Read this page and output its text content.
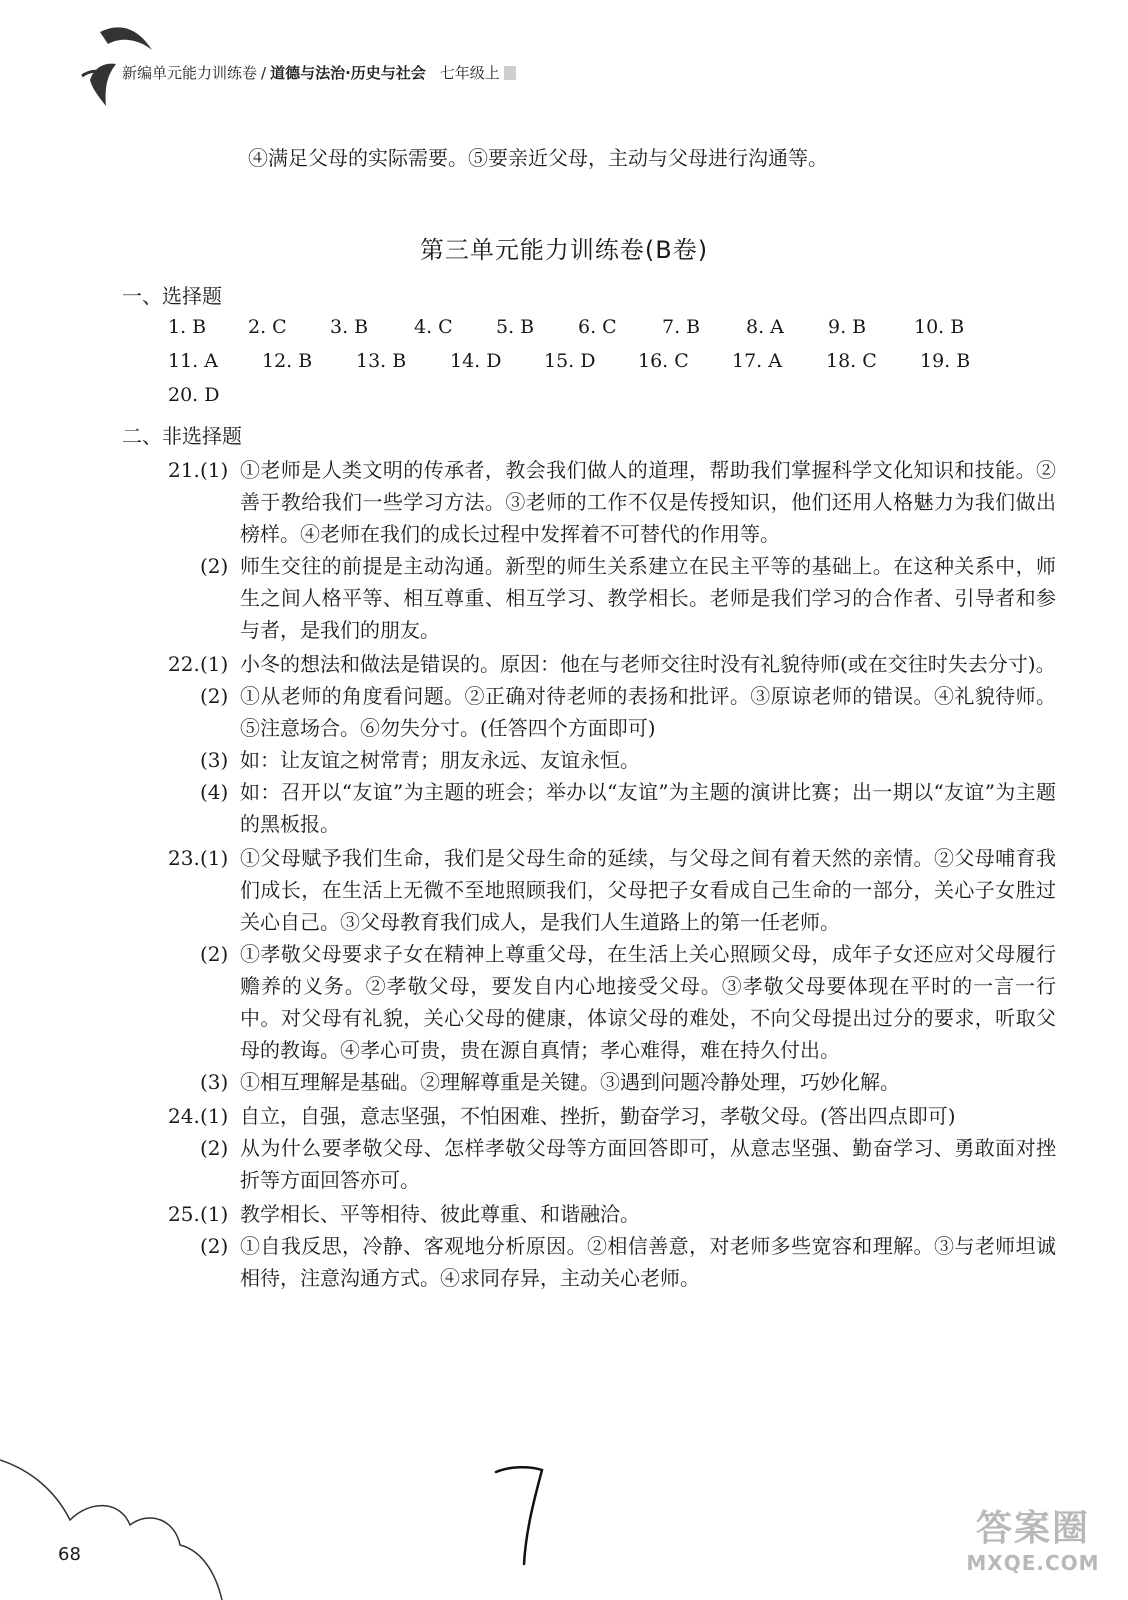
新编单元能力训练卷 / 道德与法治·历史与社会 七年级上
④满足父母的实际需要。⑤要亲近父母，主动与父母进行沟通等。
第三单元能力训练卷(B卷)
一、选择题
1. B 2. C 3. B 4. C 5. B 6. C 7. B 8. A 9. B	10. B
11. A 12. B 13. B 14. D 15. D 16. C 17. A 18. C 19. B
20. D
二、非选择题
21. (1) ①老师是人类文明的传承者，教会我们做人的道理，帮助我们掌握科学文化知识和技能。②善于教给我们一些学习方法。③老师的工作不仅是传授知识，他们还用人格魅力为我们做出榜样。④老师在我们的成长过程中发挥着不可替代的作用等。
(2) 师生交往的前提是主动沟通。新型的师生关系建立在民主平等的基础上。在这种关系中，师生之间人格平等、相互尊重、相互学习、教学相长。老师是我们学习的合作者、引导者和参与者，是我们的朋友。
22. (1) 小冬的想法和做法是错误的。原因：他在与老师交往时没有礼貌待师(或在交往时失去分寸)。
(2) ①从老师的角度看问题。②正确对待老师的表扬和批评。③原谅老师的错误。④礼貌待师。⑤注意场合。⑥勿失分寸。(任答四个方面即可)
(3) 如：让友谊之树常青；朋友永远、友谊永恒。
(4) 如：召开以“友谊”为主题的班会；举办以“友谊”为主题的演讲比赛；出一期以“友谊”为主题的黑板报。
23. (1) ①父母赋予我们生命，我们是父母生命的延续，与父母之间有着天然的亲情。②父母哺育我们成长，在生活上无微不至地照顾我们，父母把子女看成自己生命的一部分，关心子女胜过关心自己。③父母教育我们成人，是我们人生道路上的第一任老师。
(2) ①孝敬父母要求子女在精神上尊重父母，在生活上关心照顾父母，成年子女还应对父母履行赡养的义务。②孝敬父母，要发自内心地接受父母。③孝敬父母要体现在平时的一言一行中。对父母有礼貌，关心父母的健康，体谅父母的难处，不向父母提出过分的要求，听取父母的教诲。④孝心可贵，贵在源自真情；孝心难得，难在持久付出。
(3) ①相互理解是基础。②理解尊重是关键。③遇到问题冷静处理，巧妙化解。
24. (1) 自立，自强，意志坚强，不怕困难、挫折，勤奋学习，孝敬父母。(答出四点即可)
(2) 从为什么要孝敬父母、怎样孝敬父母等方面回答即可，从意志坚强、勤奋学习、勇敢面对挫折等方面回答亦可。
25. (1) 教学相长、平等相待、彼此尊重、和谐融洽。
(2) ①自我反思，冷静、客观地分析原因。②相信善意，对老师多些宽容和理解。③与老师坦诚相待，注意沟通方式。④求同存异，主动关心老师。
68
答案圈
MXQE.COM
